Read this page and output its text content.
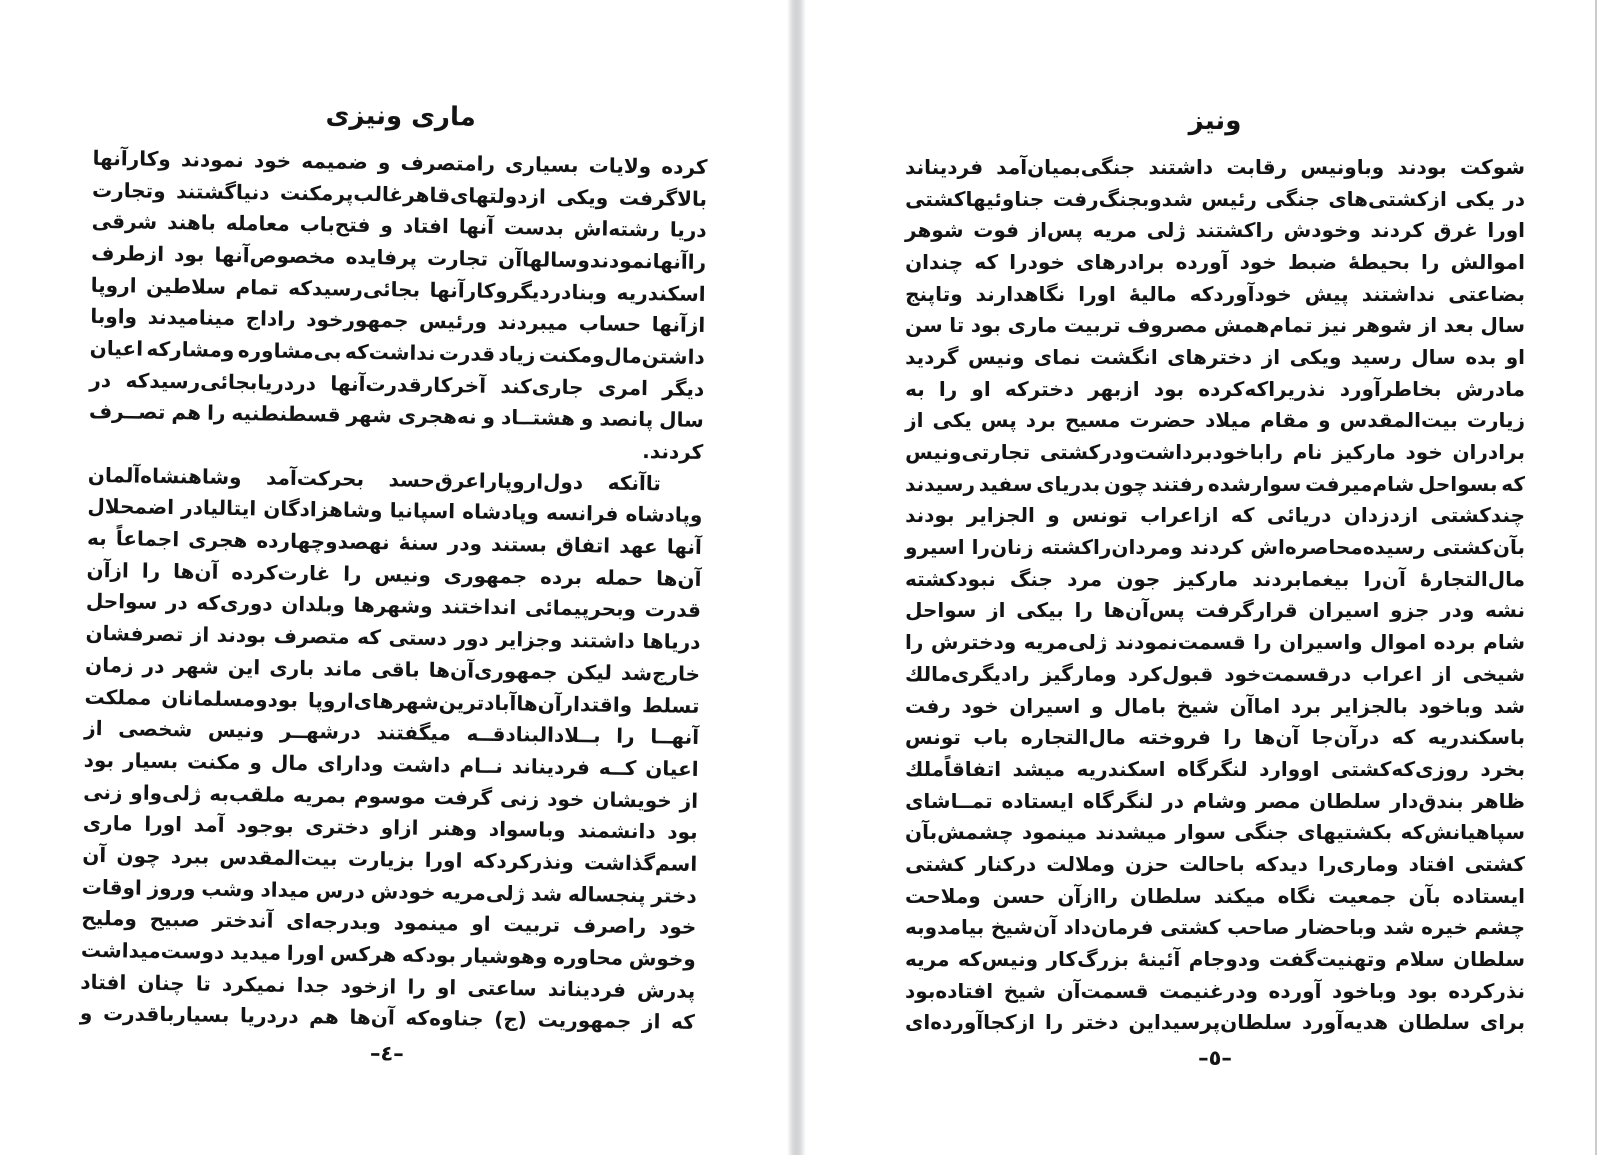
ماری ونیزی
کرده
ولایات
بسیاری
رامتصرف
و
ضمیمه
خود
نمودند
وکارآنها
بالاگرفت
ویکی
ازدولتهای‌قاهرغالب‌پرمکنت
دنیاگشتند
وتجارت
دریا
رشته‌اش
بدست
آنها
افتاد
و
فتح‌باب
معامله
باهند
شرقی
راآنهانمودندوسالهاآن
تجارت
پرفایده
مخصوص‌آنها
بود
ازطرف
اسکندریه
وبنادردیگروکارآنها
بجائی‌رسیدکه
تمام
سلاطین
اروپا
ازآنها
حساب
میبردند
ورئیس
جمهورخود
راداج
مینامیدند
واوبا
داشتن‌مال‌ومکنت
زیاد
قدرت
نداشت‌که
بی‌مشاوره
ومشارکه
اعیان
دیگر
امری
جاری‌کند
آخرکارقدرت‌آنها
دردریابجائی‌رسیدکه
در
سال
پانصد
و
هشتــاد
و
نه‌هجری
شهر
قسطنطنیه
را
هم
تصــرف
کردند
.
تاآنکه
دول‌اروپاراعرق‌حسد
بحرکت‌آمد
وشاهنشاه‌آلمان
وپادشاه
فرانسه
وپادشاه
اسپانیا
وشاهزادگان
ایتالیادر
اضمحلال
آنها
عهد
اتفاق
بستند
ودر
سنهٔ
نهصدوچهارده
هجری
اجماعاً
به
آن‌ها
حمله
برده
جمهوری
ونیس
را
غارت‌کرده
آن‌ها
را
ازآن
قدرت
وبحرپیمائی
انداختند
وشهرها
وبلدان
دوری‌که
در
سواحل
دریاها
داشتند
وجزایر
دور
دستی
که
متصرف
بودند
از
تصرفشان
خارج‌شد
لیکن
جمهوری‌آن‌ها
باقی
ماند
باری
این
شهر
در
زمان
تسلط
واقتدارآن‌هاآبادترین‌شهرهای‌اروپا
بودومسلمانان
مملکت
آنهــا
را
بــلادالبنادقــه
میگفتند
درشهــر
ونیس
شخصی
از
اعیان
کــه
فردیناند
نــام
داشت
ودارای
مال
و
مکنت
بسیار
بود
از
خویشان
خود
زنی
گرفت
موسوم
بمریه
ملقب‌به
ژلی‌واو
زنی
بود
دانشمند
وباسواد
وهنر
ازاو
دختری
بوجود
آمد
اورا
ماری
اسم‌گذاشت
ونذرکردکه
اورا
بزیارت
بیت‌المقدس
ببرد
چون
آن
دختر
پنجساله
شد
ژلی‌مریه
خودش
درس
میداد
وشب
وروز
اوقات
خود
راصرف
تربیت
او
مینمود
وبدرجه‌ای
آندختر
صبیح
وملیح
وخوش
محاوره
وهوشیار
بودکه
هرکس
اورا
میدید
دوست‌میداشت
پدرش
فردیناند
ساعتی
او
را
ازخود
جدا
نمیکرد
تا
چنان
افتاد
که
از
جمهوریت
(ج)
جناوه‌که
آن‌ها
هم
دردریا
بسیارباقدرت
و
–٤–
ونیز
شوکت
بودند
وباونیس
رقابت
داشتند
جنگی‌بمیان‌آمد
فردیناند
در
یکی
ازکشتی‌های
جنگی
رئیس
شدوبجنگ‌رفت
جناوئیهاکشتی
اورا
غرق
کردند
وخودش
راکشتند
ژلی
مریه
پس‌از
فوت
شوهر
اموالش
را
بحیطهٔ
ضبط
خود
آورده
برادرهای
خودرا
که
چندان
بضاعتی
نداشتند
پیش
خودآوردکه
مالیهٔ
اورا
نگاهدارند
وتاپنج
سال
بعد
از
شوهر
نیز
تمام‌همش
مصروف
تربیت
ماری
بود
تا
سن
او
بده
سال
رسید
ویکی
از
دخترهای
انگشت
نمای
ونیس
گردید
مادرش
بخاطرآورد
نذریراکه‌کرده
بود
ازبهر
دخترکه
او
را
به
زیارت
بیت‌المقدس
و
مقام
میلاد
حضرت
مسیح
برد
پس
یکی
از
برادران
خود
مارکیز
نام
راباخودبرداشت‌ودرکشتی
تجارتی‌ونیس
که
بسواحل
شام‌میرفت
سوارشده
رفتند
چون
بدریای
سفید
رسیدند
چندکشتی
ازدزدان
دریائی
که
ازاعراب
تونس
و
الجزایر
بودند
بآن‌کشتی
رسیده‌محاصره‌اش
کردند
ومردان‌راکشته
زنان‌را
اسیرو
مال‌التجارهٔ
آن‌را
بیغمابردند
مارکیز
جون
مرد
جنگ
نبودکشته
نشه
ودر
جزو
اسیران
قرارگرفت
پس‌آن‌ها
را
بیکی
از
سواحل
شام
برده
اموال
واسیران
را
قسمت‌نمودند
ژلی‌مریه
ودخترش
را
شیخی
از
اعراب
درقسمت‌خود
قبول‌کرد
ومارگیز
رادیگری‌مالك
شد
وباخود
بالجزایر
برد
اماآن
شیخ
بامال
و
اسیران
خود
رفت
باسکندریه
که
درآن‌جا
آن‌ها
را
فروخته
مال‌التجاره
باب
تونس
بخرد
روزی‌که‌کشتی
اووارد
لنگرگاه
اسکندریه
میشد
اتفاقاً‌ملك
ظاهر
بندق‌دار
سلطان
مصر
وشام
در
لنگرگاه
ایستاده
تمــاشای
سپاهیانش‌که
بکشتیهای
جنگی
سوار
میشدند
مینمود
چشمش‌بآن
کشتی
افتاد
وماری‌را
دیدکه
باحالت
حزن
وملالت
درکنار
کشتی
ایستاده
بآن
جمعیت
نگاه
میکند
سلطان
راازآن
حسن
وملاحت
چشم
خیره
شد
وباحضار
صاحب
کشتی
فرمان‌داد
آن‌شیخ
بیامدوبه
سلطان
سلام
وتهنیت‌گفت
ودوجام
آئینهٔ
بزرگ‌کار
ونیس‌که
مریه
نذرکرده
بود
وباخود
آورده
ودرغنیمت
قسمت‌آن
شیخ
افتاده‌بود
برای
سلطان
هدیه‌آورد
سلطان‌پرسیداین
دختر
را
ازکجاآورده‌ای
–٥–
